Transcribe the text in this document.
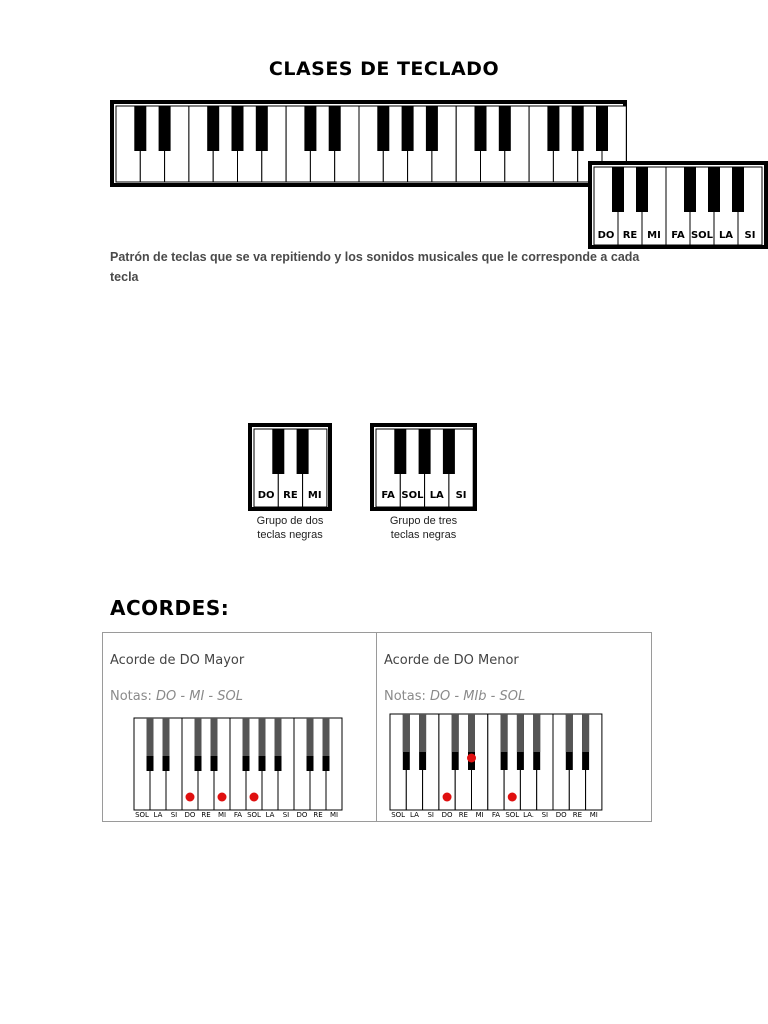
CLASES DE TECLADO
DO RE MI FA SOL LA SI
Patrón de teclas que se va repitiendo y los sonidos musicales que le corresponde a cada tecla
DO RE MI
Grupo de dos
teclas negras
FA SOL LA SI
Grupo de tres
teclas negras
ACORDES:
Acorde de DO Mayor
Notas: DO - MI - SOL
Acorde de DO Menor
Notas: DO - MIb - SOL
SOL LA SI DO RE MI FA SOL LA SI DO RE MI	SOL LA SI DO RE MI FA SOL LA. SI DO RE MI
